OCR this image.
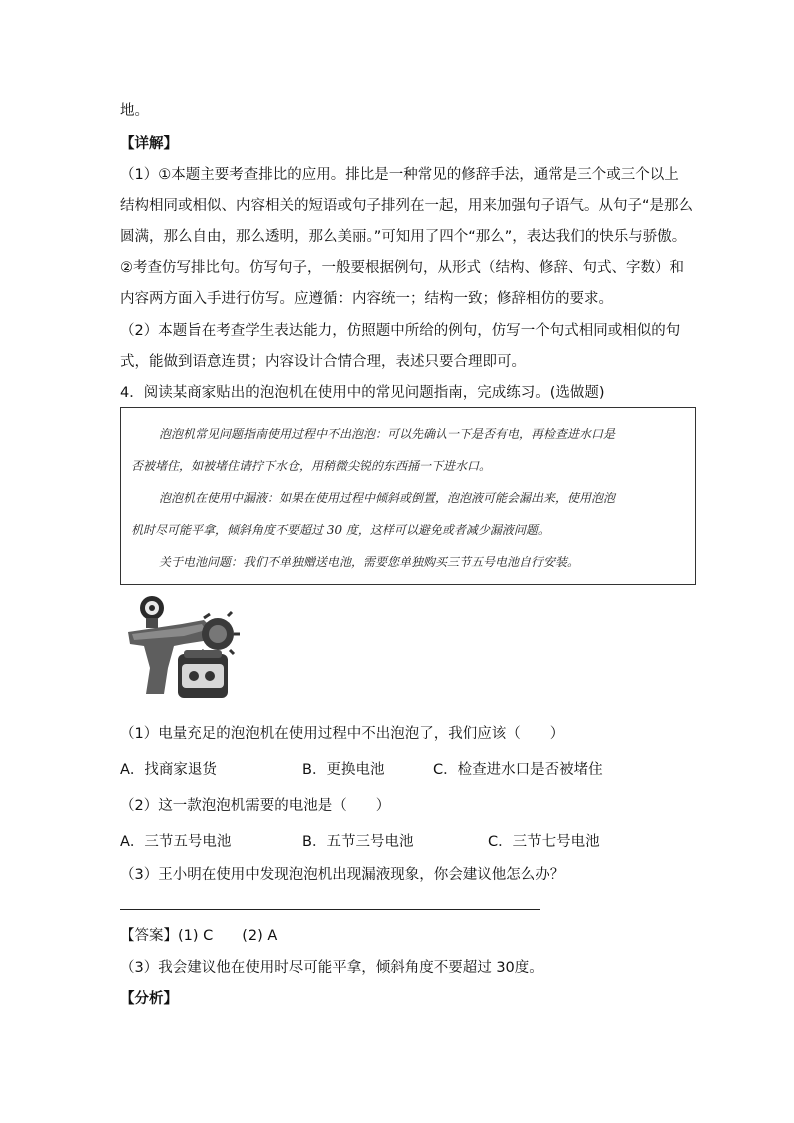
地。
【详解】
（1）①本题主要考查排比的应用。排比是一种常见的修辞手法，通常是三个或三个以上
结构相同或相似、内容相关的短语或句子排列在一起，用来加强句子语气。从句子“是那么
圆满，那么自由，那么透明，那么美丽。”可知用了四个“那么”，表达我们的快乐与骄傲。
②考查仿写排比句。仿写句子，一般要根据例句，从形式（结构、修辞、句式、字数）和
内容两方面入手进行仿写。应遵循：内容统一；结构一致；修辞相仿的要求。
（2）本题旨在考查学生表达能力，仿照题中所给的例句，仿写一个句式相同或相似的句
式，能做到语意连贯；内容设计合情合理，表述只要合理即可。
4．阅读某商家贴出的泡泡机在使用中的常见问题指南，完成练习。(选做题)
泡泡机常见问题指南使用过程中不出泡泡：可以先确认一下是否有电，再检查进水口是
否被堵住，如被堵住请拧下水仓，用稍微尖锐的东西捅一下进水口。
泡泡机在使用中漏液：如果在使用过程中倾斜或倒置，泡泡液可能会漏出来，使用泡泡
机时尽可能平拿，倾斜角度不要超过 30 度，这样可以避免或者减少漏液问题。
关于电池问题：我们不单独赠送电池，需要您单独购买三节五号电池自行安装。
（1）电量充足的泡泡机在使用过程中不出泡泡了，我们应该（　　）
A．找商家退货	B．更换电池	C．检查进水口是否被堵住
（2）这一款泡泡机需要的电池是（　　）
A．三节五号电池	B．五节三号电池	C．三节七号电池
（3）王小明在使用中发现泡泡机出现漏液现象，你会建议他怎么办？
【答案】(1) C　　(2) A
（3）我会建议他在使用时尽可能平拿，倾斜角度不要超过 30度。
【分析】
